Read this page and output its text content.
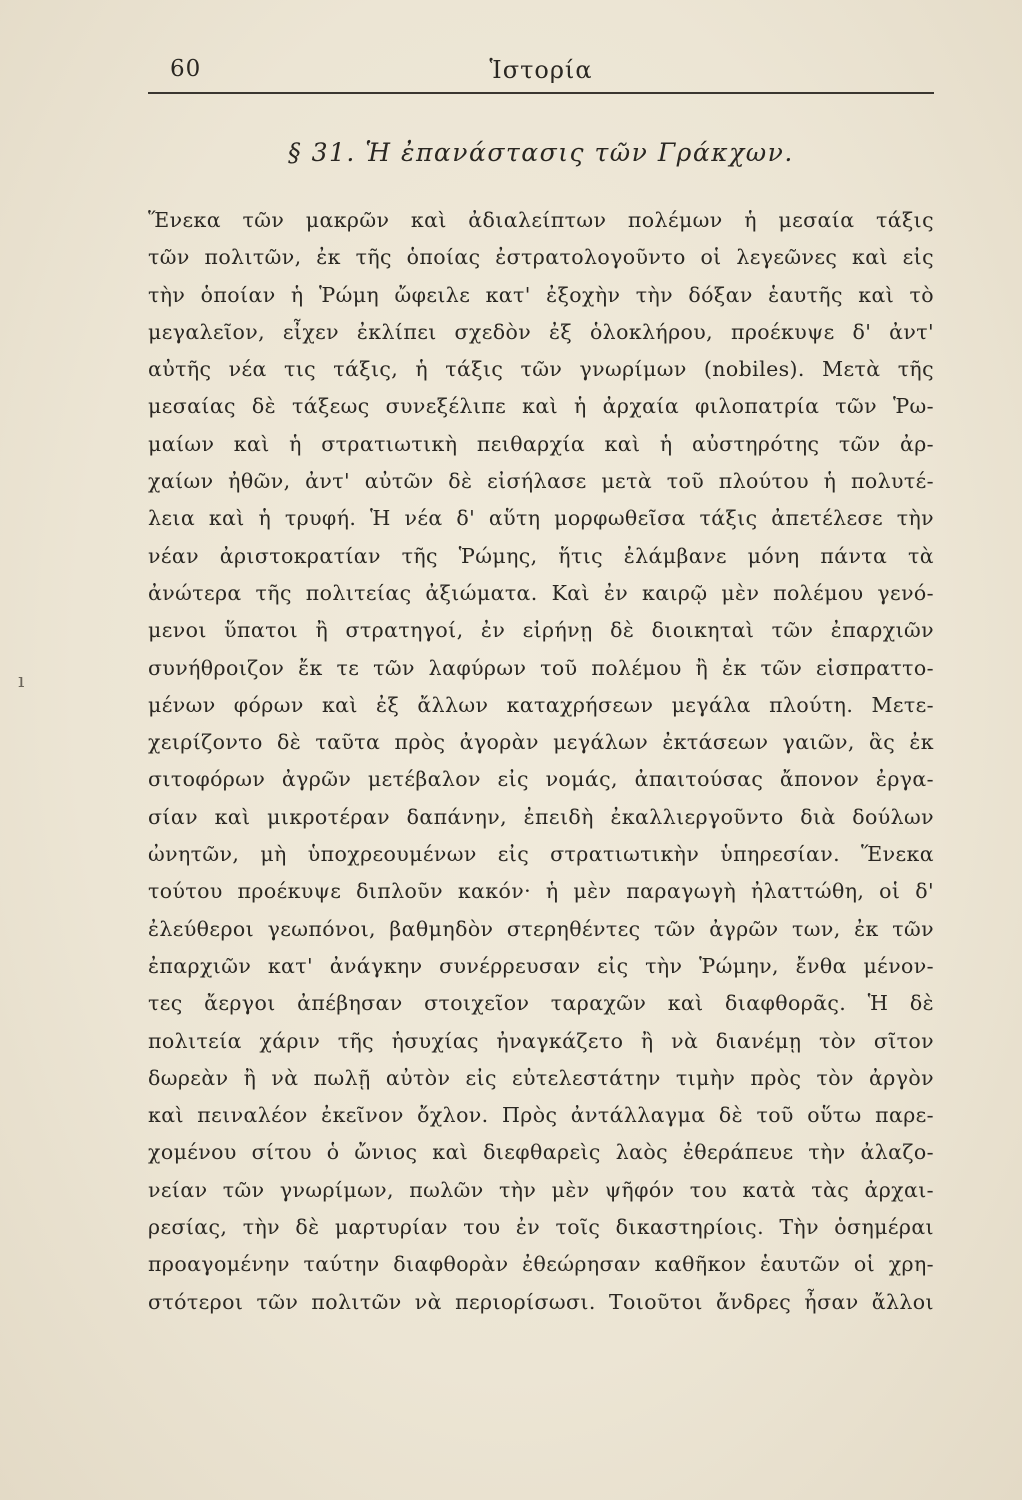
60	Ἱστορία
§ 31. Ἡ ἐπανάστασις τῶν Γράκχων.
Ἕνεκα τῶν μακρῶν καὶ ἀδιαλείπτων πολέμων ἡ μεσαία τάξις
τῶν πολιτῶν, ἐκ τῆς ὁποίας ἐστρατολογοῦντο οἱ λεγεῶνες καὶ εἰς
τὴν ὁποίαν ἡ Ῥώμη ὤφειλε κατ' ἐξοχὴν τὴν δόξαν ἑαυτῆς καὶ τὸ
μεγαλεῖον, εἶχεν ἐκλίπει σχεδὸν ἐξ ὁλοκλήρου, προέκυψε δ' ἀντ'
αὐτῆς νέα τις τάξις, ἡ τάξις τῶν γνωρίμων (nobiles). Μετὰ τῆς
μεσαίας δὲ τάξεως συνεξέλιπε καὶ ἡ ἀρχαία φιλοπατρία τῶν Ῥω-
μαίων καὶ ἡ στρατιωτικὴ πειθαρχία καὶ ἡ αὐστηρότης τῶν ἀρ-
χαίων ἠθῶν, ἀντ' αὐτῶν δὲ εἰσήλασε μετὰ τοῦ πλούτου ἡ πολυτέ-
λεια καὶ ἡ τρυφή. Ἡ νέα δ' αὕτη μορφωθεῖσα τάξις ἀπετέλεσε τὴν
νέαν ἀριστοκρατίαν τῆς Ῥώμης, ἥτις ἐλάμβανε μόνη πάντα τὰ
ἀνώτερα τῆς πολιτείας ἀξιώματα. Καὶ ἐν καιρῷ μὲν πολέμου γενό-
μενοι ὕπατοι ἢ στρατηγοί, ἐν εἰρήνῃ δὲ διοικηταὶ τῶν ἐπαρχιῶν
συνήθροιζον ἔκ τε τῶν λαφύρων τοῦ πολέμου ἢ ἐκ τῶν εἰσπραττο-
μένων φόρων καὶ ἐξ ἄλλων καταχρήσεων μεγάλα πλούτη. Μετε-
χειρίζοντο δὲ ταῦτα πρὸς ἀγορὰν μεγάλων ἐκτάσεων γαιῶν, ἃς ἐκ
σιτοφόρων ἀγρῶν μετέβαλον εἰς νομάς, ἀπαιτούσας ἄπονον ἐργα-
σίαν καὶ μικροτέραν δαπάνην, ἐπειδὴ ἐκαλλιεργοῦντο διὰ δούλων
ὠνητῶν, μὴ ὑποχρεουμένων εἰς στρατιωτικὴν ὑπηρεσίαν. Ἕνεκα
τούτου προέκυψε διπλοῦν κακόν· ἡ μὲν παραγωγὴ ἠλαττώθη, οἱ δ'
ἐλεύθεροι γεωπόνοι, βαθμηδὸν στερηθέντες τῶν ἀγρῶν των, ἐκ τῶν
ἐπαρχιῶν κατ' ἀνάγκην συνέρρευσαν εἰς τὴν Ῥώμην, ἔνθα μένον-
τες ἄεργοι ἀπέβησαν στοιχεῖον ταραχῶν καὶ διαφθορᾶς. Ἡ δὲ
πολιτεία χάριν τῆς ἡσυχίας ἠναγκάζετο ἢ νὰ διανέμῃ τὸν σῖτον
δωρεὰν ἢ νὰ πωλῇ αὐτὸν εἰς εὐτελεστάτην τιμὴν πρὸς τὸν ἀργὸν
καὶ πειναλέον ἐκεῖνον ὄχλον. Πρὸς ἀντάλλαγμα δὲ τοῦ οὕτω παρε-
χομένου σίτου ὁ ὤνιος καὶ διεφθαρεὶς λαὸς ἐθεράπευε τὴν ἀλαζο-
νείαν τῶν γνωρίμων, πωλῶν τὴν μὲν ψῆφόν του κατὰ τὰς ἀρχαι-
ρεσίας, τὴν δὲ μαρτυρίαν του ἐν τοῖς δικαστηρίοις. Τὴν ὁσημέραι
προαγομένην ταύτην διαφθορὰν ἐθεώρησαν καθῆκον ἑαυτῶν οἱ χρη-
στότεροι τῶν πολιτῶν νὰ περιορίσωσι. Τοιοῦτοι ἄνδρες ἦσαν ἄλλοι
ı
